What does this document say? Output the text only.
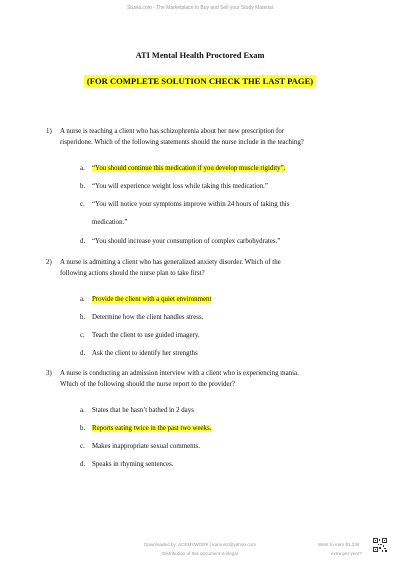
Stuvia.com - The Marketplace to Buy and Sell your Study Material
ATI Mental Health Proctored Exam
(FOR COMPLETE SOLUTION CHECK THE LAST PAGE)
1) A nurse is teaching a client who has schizophrenia about her new prescription for
risperidone. Which of the following statements should the nurse include in the teaching?
a. “You should continue this medication if you develop muscle rigidity”.
b. “You will experience weight loss while taking this medication.”
c. “You will notice your symptoms improve within 24 hours of taking this
medication.”
d. “You should increase your consumption of complex carbohydrates.”
2) A nurse is admitting a client who has generalized anxiety disorder. Which of the
following actions should the nurse plan to take first?
a. Provide the client with a quiet environment
b. Determine how the client handles stress.
c. Teach the client to use guided imagery.
d. Ask the client to identify her strengths
3) A nurse is conducting an admission interview with a client who is experiencing mania.
Which of the following should the nurse report to the provider?
a. States that he hasn’t bathed in 2 days
b. Reports eating twice in the past two weeks.
c. Makes inappropriate sexual comments.
d. Speaks in rhyming sentences.
Downloaded by: ACEMYWORK | kamun2@yahoo.com
Distribution of this document is illegal
Want to earn $1.236
extra per year?
